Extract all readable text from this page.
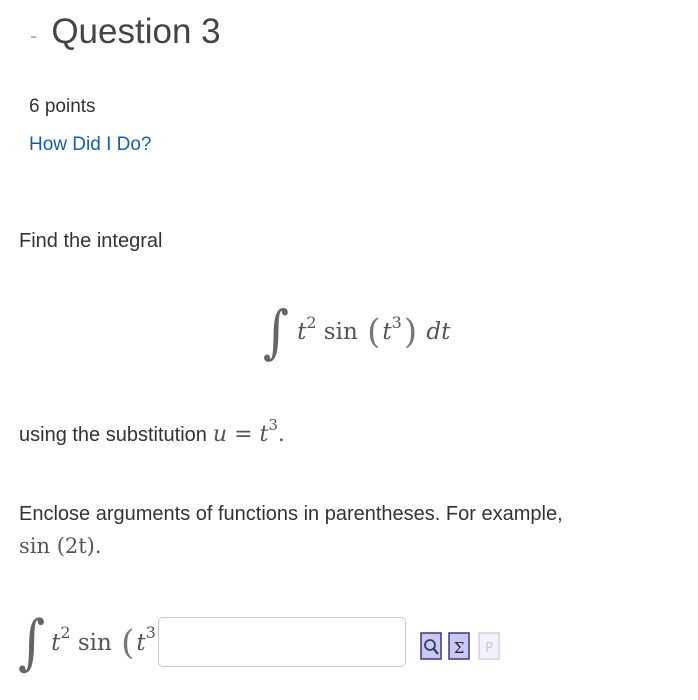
- Question 3
6 points
How Did I Do?
Find the integral
∫ t 2 sin ( t 3 )
dt
using the substitution $u = t^3$.
Enclose arguments of functions in parentheses. For example,
sin (2t).
∫ t 2 sin ( t 3
Σ P
